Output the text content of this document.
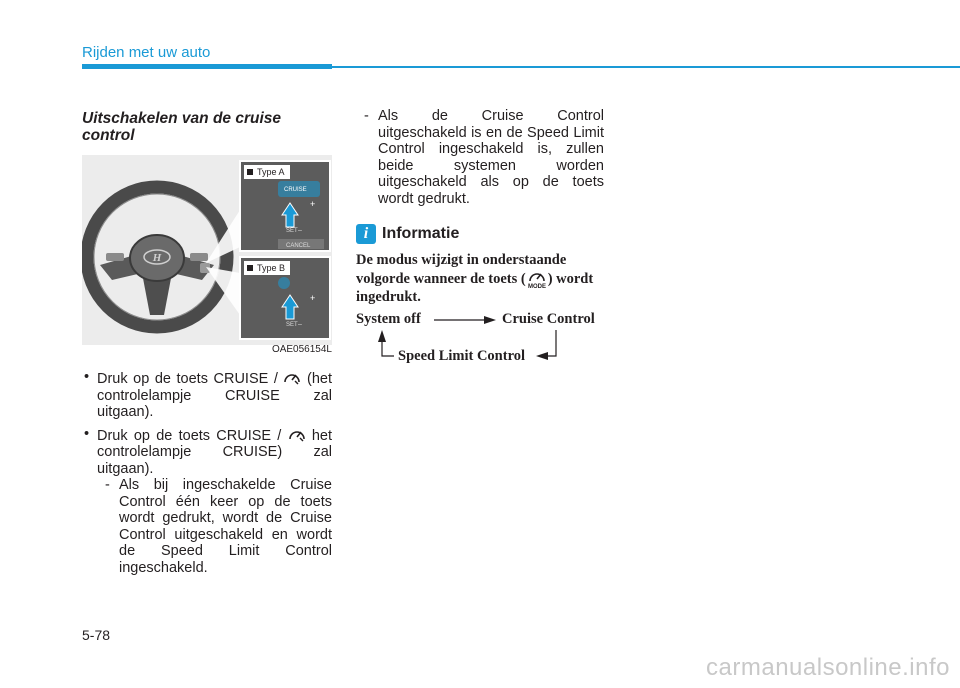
Rijden met uw auto
Uitschakelen van de cruise control
H
Type A
CRUISE
+
SET –
CANCEL
Type B
+
SET –
OAE056154L
• Druk op de toets CRUISE / (het controlelampje CRUISE zal uitgaan).
• Druk op de toets CRUISE / het controlelampje CRUISE) zal uitgaan).
- Als bij ingeschakelde Cruise Control één keer op de toets wordt gedrukt, wordt de Cruise Control uitgeschakeld en wordt de Speed Limit Control ingeschakeld.
- Als de Cruise Control uitgeschakeld is en de Speed Limit Control ingeschakeld is, zullen beide systemen worden uitgeschakeld als op de toets wordt gedrukt.
i Informatie
De modus wijzigt in onderstaande volgorde wanneer de toets ( MODE ) wordt ingedrukt.
System off	Cruise Control
Speed Limit Control
5-78
carmanualsonline.info
